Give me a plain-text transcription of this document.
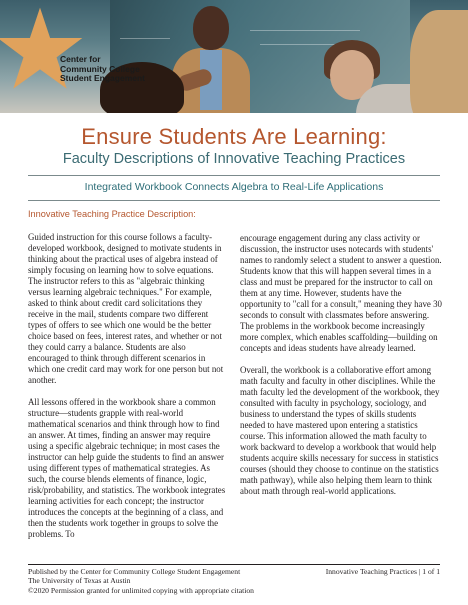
Center for
Community College
Student Engagement
Ensure Students Are Learning:
Faculty Descriptions of Innovative Teaching Practices
Integrated Workbook Connects Algebra to Real-Life Applications
Innovative Teaching Practice Description:

Guided instruction for this course follows a faculty-developed workbook, designed to motivate students in thinking about the practical uses of algebra instead of simply focusing on learning how to solve equations. The instructor refers to this as "algebraic thinking versus learning algebraic techniques." For example, asked to think about credit card solicitations they receive in the mail, students compare two different types of offers to see which one would be the better choice based on fees, interest rates, and whether or not they could carry a balance. Students are also encouraged to think through different scenarios in which one credit card may work for one person but not another.

All lessons offered in the workbook share a common structure—students grapple with real-world mathematical scenarios and think through how to find an answer. At times, finding an answer may require using a specific algebraic technique; in most cases the instructor can help guide the students to find an answer using different types of mathematical strategies. As such, the course blends elements of finance, logic, risk/probability, and statistics. The workbook integrates learning activities for each concept; the instructor introduces the concepts at the beginning of a class, and then the students work together in groups to solve the problems. To

encourage engagement during any class activity or discussion, the instructor uses notecards with students' names to randomly select a student to answer a question. Students know that this will happen several times in a class and must be prepared for the instructor to call on them at any time. However, students have the opportunity to "call for a consult," meaning they have 30 seconds to consult with classmates before answering. The problems in the workbook become increasingly more complex, which enables scaffolding—building on concepts and ideas students have already learned.

Overall, the workbook is a collaborative effort among math faculty and faculty in other disciplines. While the math faculty led the development of the workbook, they consulted with faculty in psychology, sociology, and business to understand the types of skills students needed to have mastered upon entering a statistics course. This information allowed the math faculty to work backward to develop a workbook that would help students acquire skills necessary for success in statistics courses (should they choose to continue on the statistics math pathway), while also helping them learn to think about math through real-world applications.

Published by the Center for Community College Student Engagement
The University of Texas at Austin
©2020 Permission granted for unlimited copying with appropriate citation
Innovative Teaching Practices | 1 of 1
